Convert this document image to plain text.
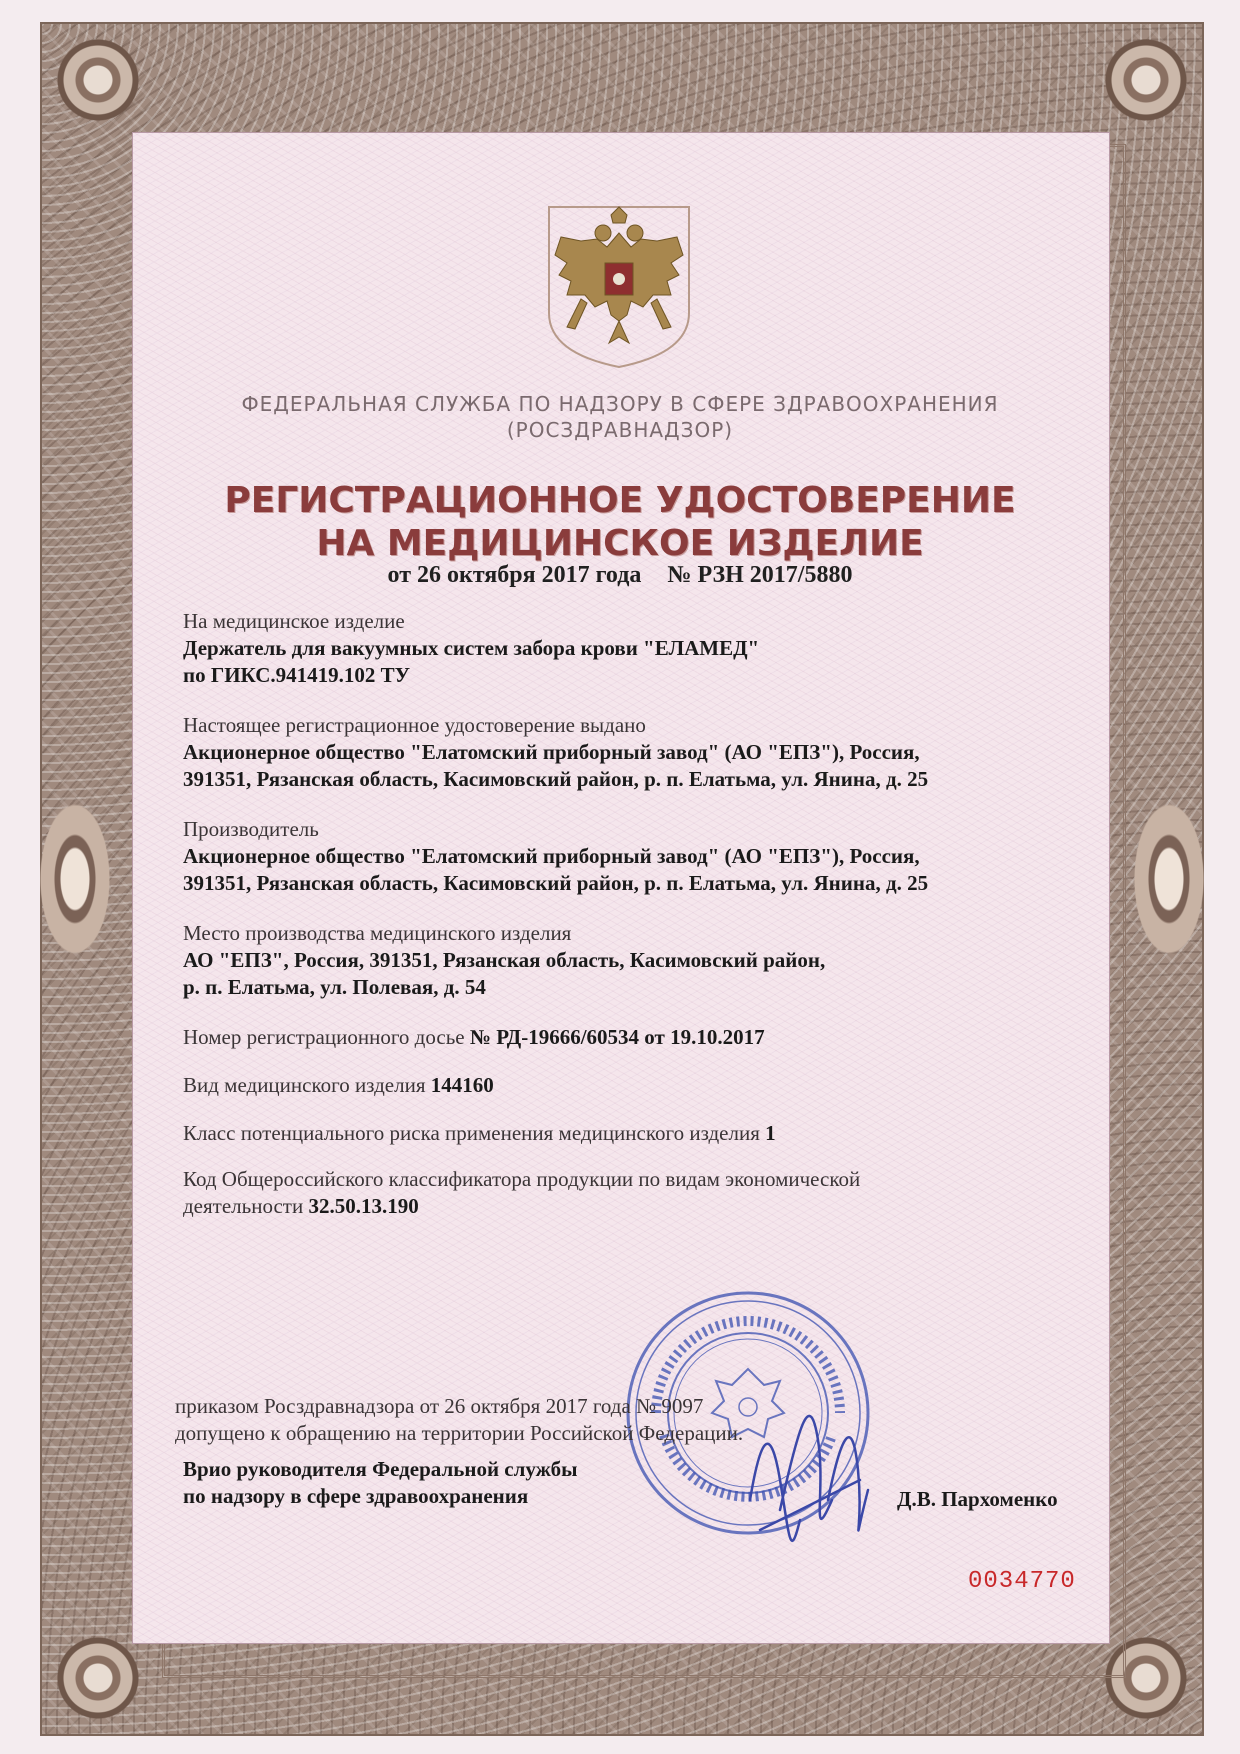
ФЕДЕРАЛЬНАЯ СЛУЖБА ПО НАДЗОРУ В СФЕРЕ ЗДРАВООХРАНЕНИЯ
(РОСЗДРАВНАДЗОР)
РЕГИСТРАЦИОННОЕ УДОСТОВЕРЕНИЕ
НА МЕДИЦИНСКОЕ ИЗДЕЛИЕ
от 26 октября 2017 года № РЗН 2017/5880
На медицинское изделие
Держатель для вакуумных систем забора крови "ЕЛАМЕД"
по ГИКС.941419.102 ТУ
Настоящее регистрационное удостоверение выдано
Акционерное общество "Елатомский приборный завод" (АО "ЕПЗ"), Россия,
391351, Рязанская область, Касимовский район, р. п. Елатьма, ул. Янина, д. 25
Производитель
Акционерное общество "Елатомский приборный завод" (АО "ЕПЗ"), Россия,
391351, Рязанская область, Касимовский район, р. п. Елатьма, ул. Янина, д. 25
Место производства медицинского изделия
АО "ЕПЗ", Россия, 391351, Рязанская область, Касимовский район,
р. п. Елатьма, ул. Полевая, д. 54
Номер регистрационного досье № РД-19666/60534 от 19.10.2017
Вид медицинского изделия 144160
Класс потенциального риска применения медицинского изделия 1
Код Общероссийского классификатора продукции по видам экономической
деятельности 32.50.13.190
приказом Росздравнадзора от 26 октября 2017 года № 9097
допущено к обращению на территории Российской Федерации.
Врио руководителя Федеральной службы
по надзору в сфере здравоохранения	Д.В. Пархоменко
0034770
